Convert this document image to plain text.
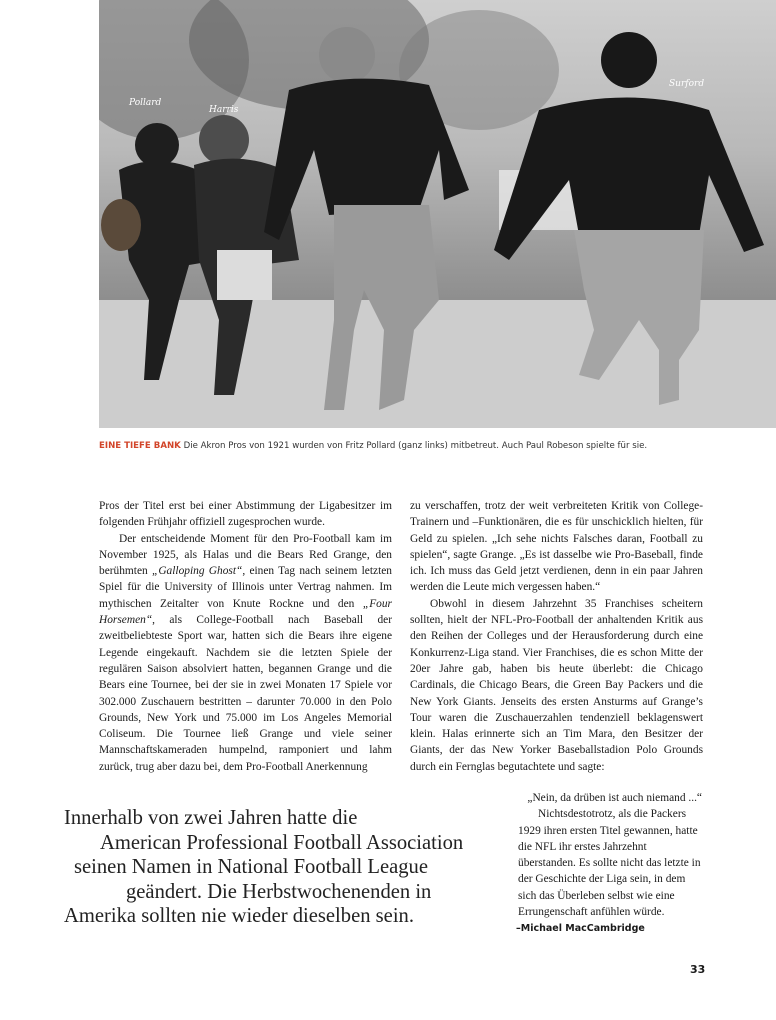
Pollard
Harris
Surford
EINE TIEFE BANK Die Akron Pros von 1921 wurden von Fritz Pollard (ganz links) mitbetreut. Auch Paul Robeson spielte für sie.

Pros der Titel erst bei einer Abstimmung der Ligabesitzer im folgenden Frühjahr offiziell zugesprochen wurde.

Der entscheidende Moment für den Pro-Football kam im November 1925, als Halas und die Bears Red Grange, den berühmten „Galloping Ghost“, einen Tag nach seinem letzten Spiel für die University of Illinois unter Vertrag nahmen. Im mythischen Zeitalter von Knute Rockne und den „Four Horsemen“, als College-Football nach Baseball der zweitbeliebteste Sport war, hatten sich die Bears ihre eigene Legende eingekauft. Nachdem sie die letzten Spiele der regulären Saison absolviert hatten, begannen Grange und die Bears eine Tournee, bei der sie in zwei Monaten 17 Spiele vor 302.000 Zuschauern bestritten – darunter 70.000 in den Polo Grounds, New York und 75.000 im Los Angeles Memorial Coliseum. Die Tournee ließ Grange und viele seiner Mannschaftskameraden humpelnd, ramponiert und lahm zurück, trug aber dazu bei, dem Pro-Football Anerkennung

zu verschaffen, trotz der weit verbreiteten Kritik von College-Trainern und –Funktionären, die es für unschicklich hielten, für Geld zu spielen. „Ich sehe nichts Falsches daran, Football zu spielen“, sagte Grange. „Es ist dasselbe wie Pro-Baseball, finde ich. Ich muss das Geld jetzt verdienen, denn in ein paar Jahren werden die Leute mich vergessen haben.“

Obwohl in diesem Jahrzehnt 35 Franchises scheitern sollten, hielt der NFL-Pro-Football der anhaltenden Kritik aus den Reihen der Colleges und der Herausforderung durch eine Konkurrenz-Liga stand. Vier Franchises, die es schon Mitte der 20er Jahre gab, haben bis heute überlebt: die Chicago Cardinals, die Chicago Bears, die Green Bay Packers und die New York Giants. Jenseits des ersten Ansturms auf Grange’s Tour waren die Zuschauerzahlen tendenziell beklagenswert klein. Halas erinnerte sich an Tim Mara, den Besitzer der Giants, der das New Yorker Baseballstadion Polo Grounds durch ein Fernglas begutachtete und sagte:

„Nein, da drüben ist auch niemand ...“

Nichtsdestotrotz, als die Packers 1929 ihren ersten Titel gewannen, hatte die NFL ihr erstes Jahrzehnt überstanden. Es sollte nicht das letzte in der Geschichte der Liga sein, in dem sich das Überleben selbst wie eine Errungenschaft anfühlen würde.

–Michael MacCambridge
Innerhalb von zwei Jahren hatte die
American Professional Football Association
seinen Namen in National Football League
geändert. Die Herbstwochenenden in
Amerika sollten nie wieder dieselben sein.
33
